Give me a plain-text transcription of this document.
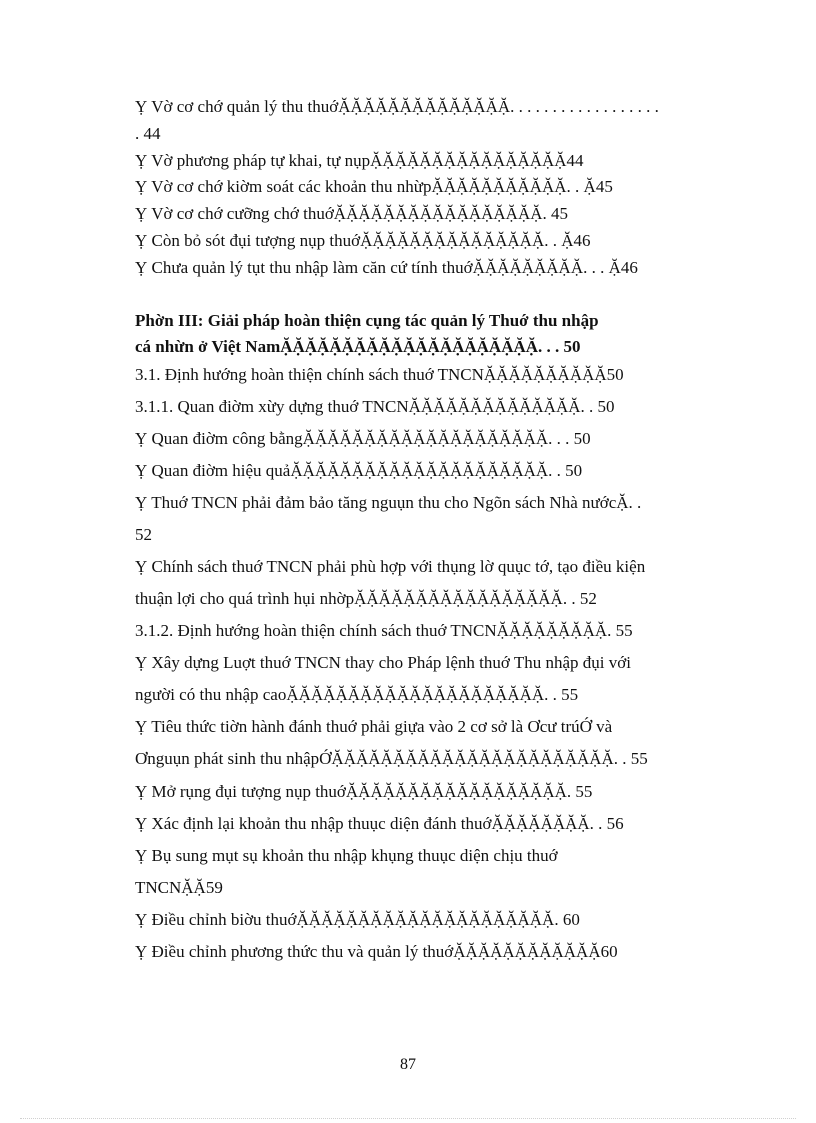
Ỵ Vờ cơ chớ quản lý thu thuớẶẶẶẶẶẶẶẶẶẶẶẶẶẶ. . . . . . . . . . . . . . . . . .
. 44
Ỵ Vờ phương pháp tự khai, tự nụpẶẶẶẶẶẶẶẶẶẶẶẶẶẶẶẶ44
Ỵ Vờ cơ chớ kiờm soát các khoản thu nhừpẶẶẶẶẶẶẶẶẶẶẶ. . Ặ45
Ỵ Vờ cơ chớ cưỡng chớ thuớẶẶẶẶẶẶẶẶẶẶẶẶẶẶẶẶẶ. 45
Ỵ Còn bỏ sót đụi tượng nụp thuớẶẶẶẶẶẶẶẶẶẶẶẶẶẶẶ. . Ặ46
Ỵ Chưa quản lý tụt thu nhập làm căn cứ tính thuớẶẶẶẶẶẶẶẶẶ. . . Ặ46
Phờn III: Giải pháp hoàn thiện cụng tác quản lý Thuớ thu nhập
cá nhừn ở Việt NamẶẶẶẶẶẶẶẶẶẶẶẶẶẶẶẶẶẶẶẶẶ. . . 50
3.1. Định hướng hoàn thiện chính sách thuớ TNCNẶẶẶẶẶẶẶẶẶẶ50
3.1.1. Quan điờm xừy dựng thuớ TNCNẶẶẶẶẶẶẶẶẶẶẶẶẶẶ. . 50
Ỵ Quan điờm công bằngẶẶẶẶẶẶẶẶẶẶẶẶẶẶẶẶẶẶẶẶ. . . 50
Ỵ Quan điờm hiệu quảẶẶẶẶẶẶẶẶẶẶẶẶẶẶẶẶẶẶẶẶẶ. . 50
Ỵ Thuớ TNCN phải đảm bảo tăng nguụn thu cho Ngõn sách Nhà nướcẶ. .
52
Ỵ Chính sách thuớ TNCN phải phù hợp với thụng lờ quục tớ, tạo điều kiện
thuận lợi cho quá trình hụi nhờpẶẶẶẶẶẶẶẶẶẶẶẶẶẶẶẶẶ. . 52
3.1.2. Định hướng hoàn thiện chính sách thuớ TNCNẶẶẶẶẶẶẶẶẶ. 55
Ỵ Xây dựng Luợt thuớ TNCN thay cho Pháp lệnh thuớ Thu nhập đụi với
người có thu nhập caoẶẶẶẶẶẶẶẶẶẶẶẶẶẶẶẶẶẶẶẶẶ. . 55
Ỵ Tiêu thức tiờn hành đánh thuớ phải giựa vào 2 cơ sở là Ơcư trúỚ và
Ơnguụn phát sinh thu nhậpỚẶẶẶẶẶẶẶẶẶẶẶẶẶẶẶẶẶẶẶẶẶẶẶ. . 55
Ỵ Mở rụng đụi tượng nụp thuớẶẶẶẶẶẶẶẶẶẶẶẶẶẶẶẶẶẶ. 55
Ỵ Xác định lại khoản thu nhập thuục diện đánh thuớẶẶẶẶẶẶẶẶ. . 56
Ỵ Bụ sung mụt sụ khoản thu nhập khụng thuục diện chịu thuớ
TNCNẶẶ59
Ỵ Điều chỉnh biờu thuớẶẶẶẶẶẶẶẶẶẶẶẶẶẶẶẶẶẶẶẶẶ. 60
Ỵ Điều chỉnh phương thức thu và quản lý thuớẶẶẶẶẶẶẶẶẶẶẶẶ60
87
